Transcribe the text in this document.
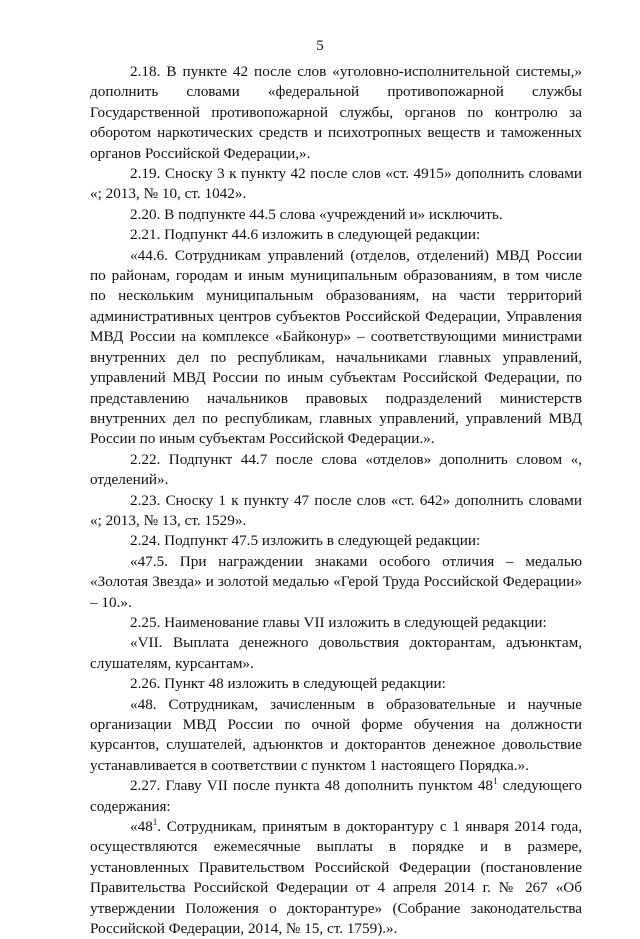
5

2.18. В пункте 42 после слов «уголовно-исполнительной системы,» дополнить словами «федеральной противопожарной службы Государственной противопожарной службы, органов по контролю за оборотом наркотических средств и психотропных веществ и таможенных органов Российской Федерации,».

2.19. Сноску 3 к пункту 42 после слов «ст. 4915» дополнить словами «; 2013, № 10, ст. 1042».

2.20. В подпункте 44.5 слова «учреждений и» исключить.

2.21. Подпункт 44.6 изложить в следующей редакции:

«44.6. Сотрудникам управлений (отделов, отделений) МВД России по районам, городам и иным муниципальным образованиям, в том числе по нескольким муниципальным образованиям, на части территорий административных центров субъектов Российской Федерации, Управления МВД России на комплексе «Байконур» – соответствующими министрами внутренних дел по республикам, начальниками главных управлений, управлений МВД России по иным субъектам Российской Федерации, по представлению начальников правовых подразделений министерств внутренних дел по республикам, главных управлений, управлений МВД России по иным субъектам Российской Федерации.».

2.22. Подпункт 44.7 после слова «отделов» дополнить словом «, отделений».

2.23. Сноску 1 к пункту 47 после слов «ст. 642» дополнить словами «; 2013, № 13, ст. 1529».

2.24. Подпункт 47.5 изложить в следующей редакции:

«47.5. При награждении знаками особого отличия – медалью «Золотая Звезда» и золотой медалью «Герой Труда Российской Федерации» – 10.».

2.25. Наименование главы VII изложить в следующей редакции:

«VII. Выплата денежного довольствия докторантам, адъюнктам, слушателям, курсантам».

2.26. Пункт 48 изложить в следующей редакции:

«48. Сотрудникам, зачисленным в образовательные и научные организации МВД России по очной форме обучения на должности курсантов, слушателей, адъюнктов и докторантов денежное довольствие устанавливается в соответствии с пунктом 1 настоящего Порядка.».

2.27. Главу VII после пункта 48 дополнить пунктом $48^1$ следующего содержания:

«$48^1$. Сотрудникам, принятым в докторантуру с 1 января 2014 года, осуществляются ежемесячные выплаты в порядке и в размере, установленных Правительством Российской Федерации (постановление Правительства Российской Федерации от 4 апреля 2014 г. № 267 «Об утверждении Положения о докторантуре» (Собрание законодательства Российской Федерации, 2014, № 15, ст. 1759).».
